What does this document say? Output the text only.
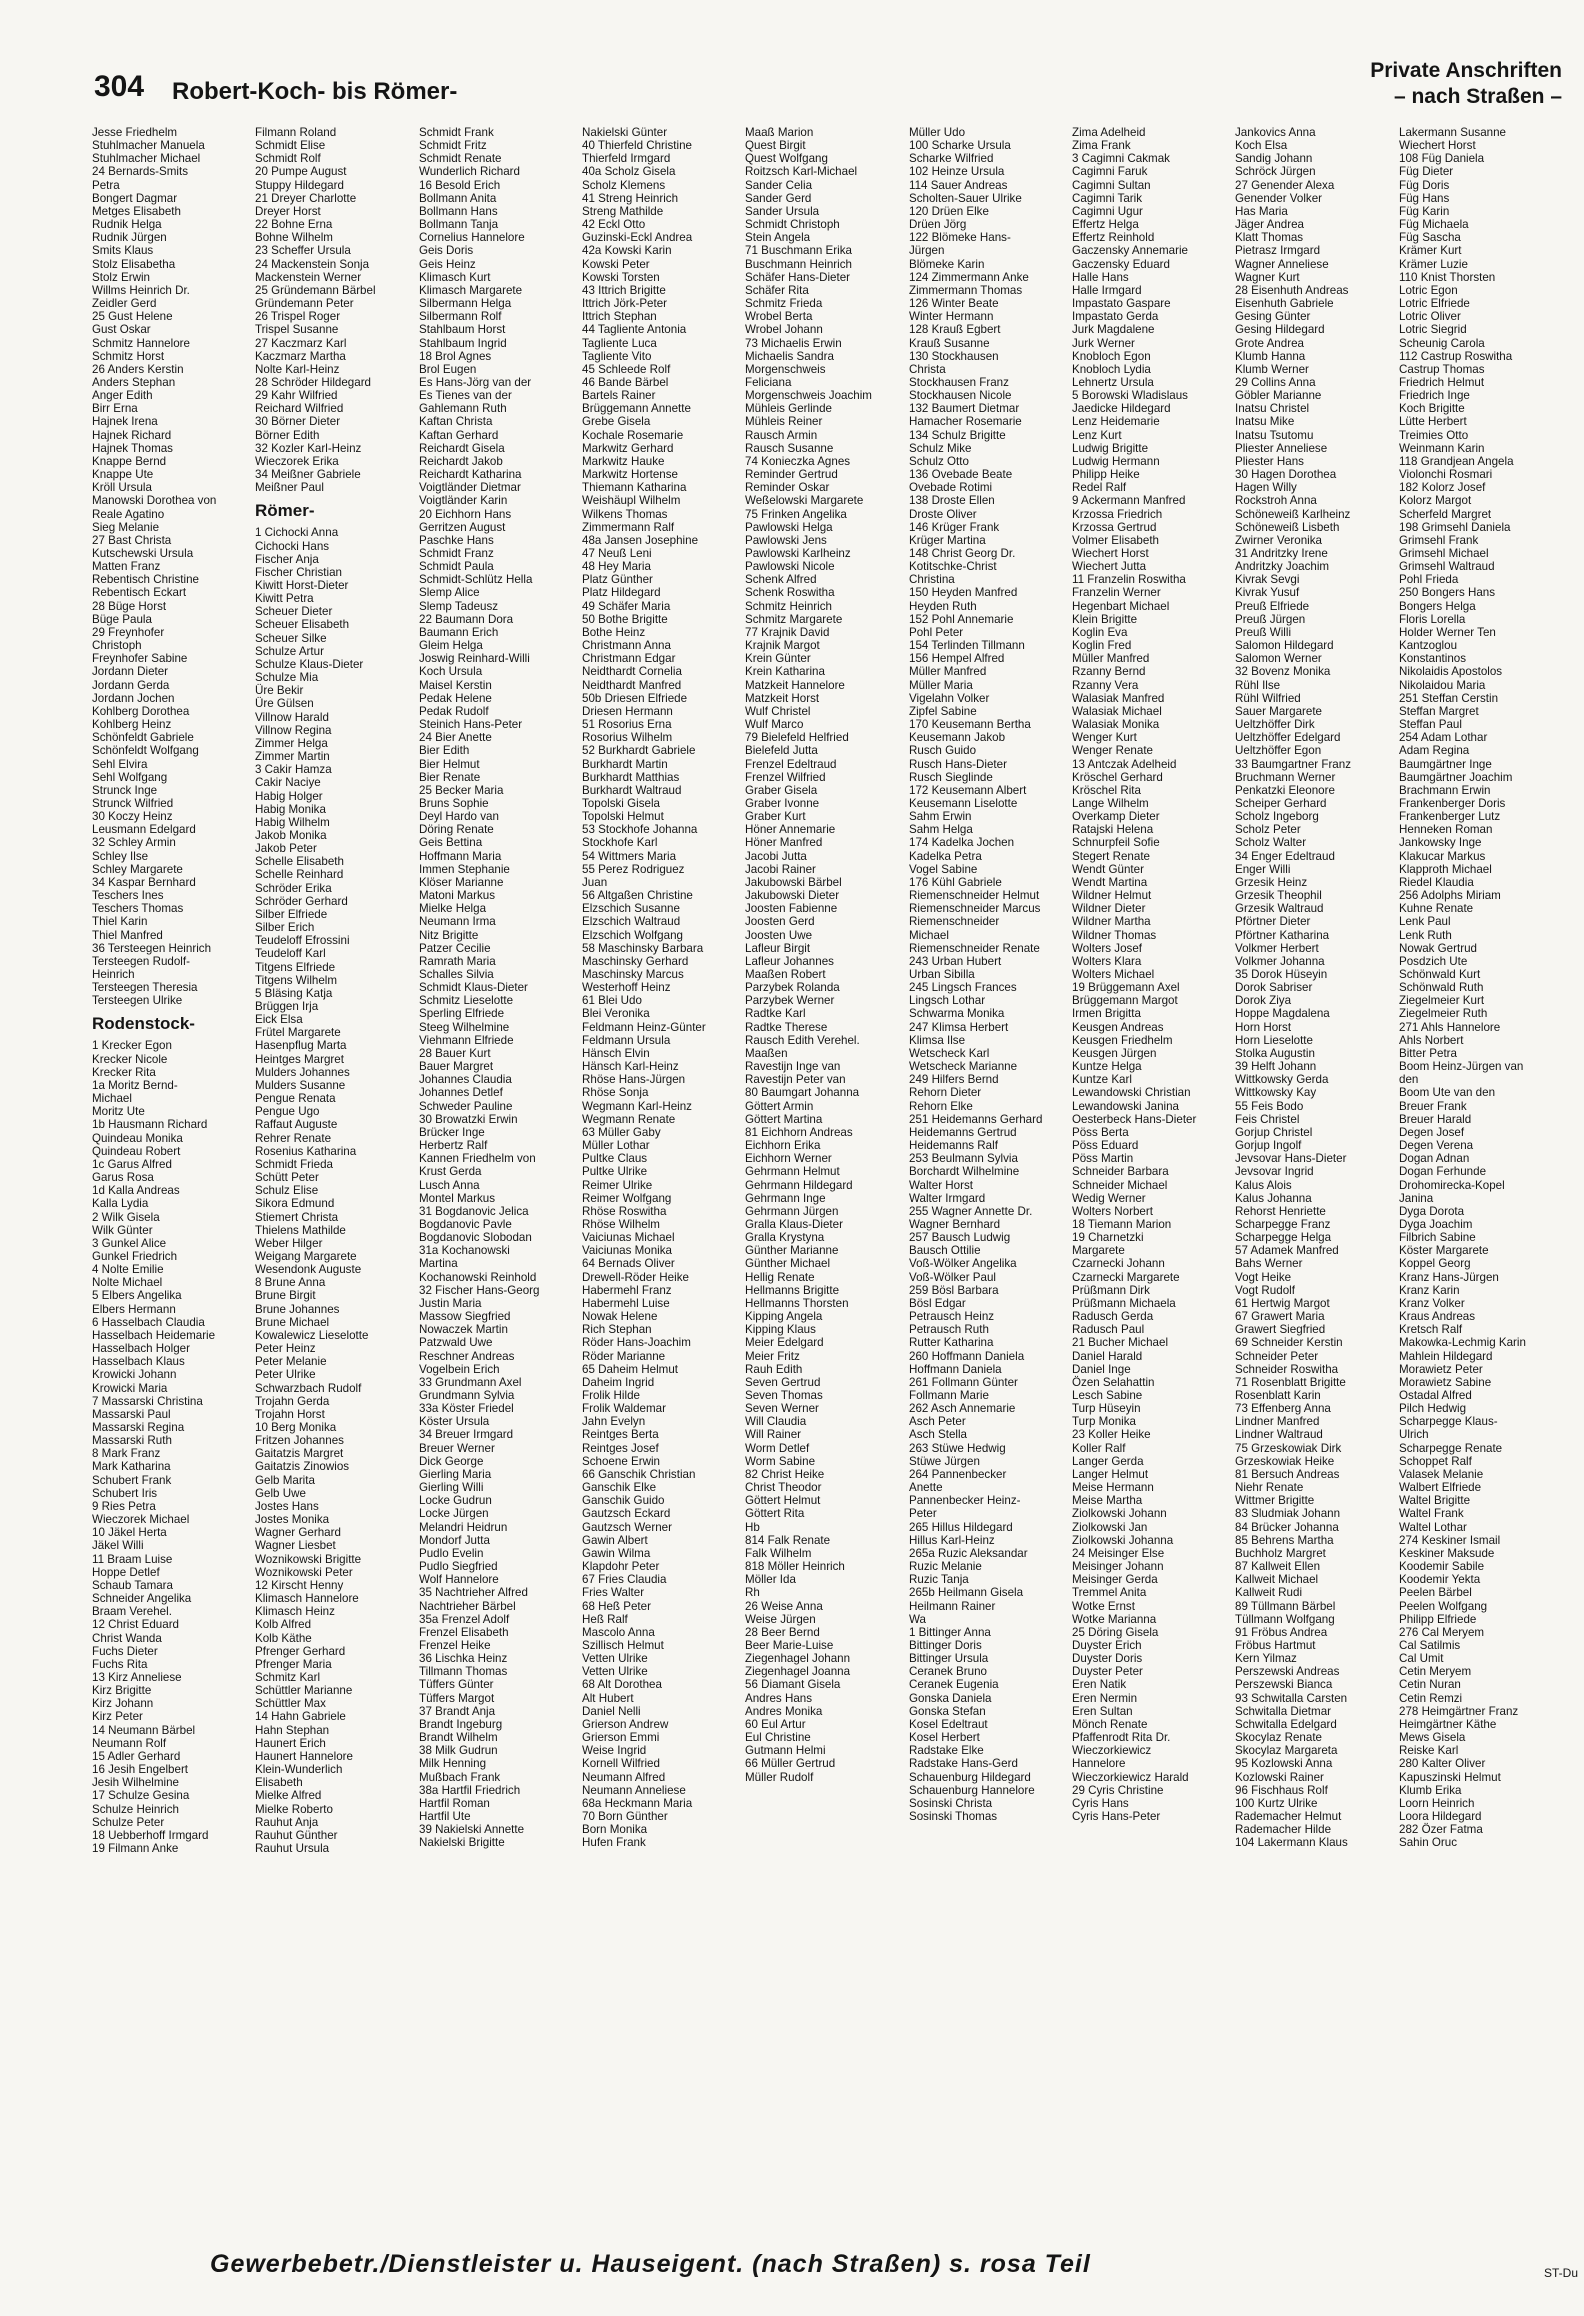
304 Robert-Koch- bis Römer-
Private Anschriften
– nach Straßen –
Jesse Friedhelm
Stuhlmacher Manuela
Stuhlmacher Michael
24 Bernards-Smits
Petra
Bongert Dagmar
Metges Elisabeth
Rudnik Helga
Rudnik Jürgen
Smits Klaus
Stolz Elisabetha
Stolz Erwin
Willms Heinrich Dr.
Zeidler Gerd
25 Gust Helene
Gust Oskar
Schmitz Hannelore
Schmitz Horst
26 Anders Kerstin
Anders Stephan
Anger Edith
Birr Erna
Hajnek Irena
Hajnek Richard
Hajnek Thomas
Knappe Bernd
Knappe Ute
Kröll Ursula
Manowski Dorothea von
Reale Agatino
Sieg Melanie
27 Bast Christa
Kutschewski Ursula
Matten Franz
Rebentisch Christine
Rebentisch Eckart
28 Büge Horst
Büge Paula
29 Freynhofer
Christoph
Freynhofer Sabine
Jordann Dieter
Jordann Gerda
Jordann Jochen
Kohlberg Dorothea
Kohlberg Heinz
Schönfeldt Gabriele
Schönfeldt Wolfgang
Sehl Elvira
Sehl Wolfgang
Strunck Inge
Strunck Wilfried
30 Koczy Heinz
Leusmann Edelgard
32 Schley Armin
Schley Ilse
Schley Margarete
34 Kaspar Bernhard
Teschers Ines
Teschers Thomas
Thiel Karin
Thiel Manfred
36 Tersteegen Heinrich
Tersteegen Rudolf-
Heinrich
Tersteegen Theresia
Tersteegen Ulrike
Rodenstock-
1 Krecker Egon
Krecker Nicole
Krecker Rita
1a Moritz Bernd-
Michael
Moritz Ute
1b Hausmann Richard
Quindeau Monika
Quindeau Robert
1c Garus Alfred
Garus Rosa
1d Kalla Andreas
Kalla Lydia
2 Wilk Gisela
Wilk Günter
3 Gunkel Alice
Gunkel Friedrich
4 Nolte Emilie
Nolte Michael
5 Elbers Angelika
Elbers Hermann
6 Hasselbach Claudia
Hasselbach Heidemarie
Hasselbach Holger
Hasselbach Klaus
Krowicki Johann
Krowicki Maria
7 Massarski Christina
Massarski Paul
Massarski Regina
Massarski Ruth
8 Mark Franz
Mark Katharina
Schubert Frank
Schubert Iris
9 Ries Petra
Wieczorek Michael
10 Jäkel Herta
Jäkel Willi
11 Braam Luise
Hoppe Detlef
Schaub Tamara
Schneider Angelika
Braam Verehel.
12 Christ Eduard
Christ Wanda
Fuchs Dieter
Fuchs Rita
13 Kirz Anneliese
Kirz Brigitte
Kirz Johann
Kirz Peter
14 Neumann Bärbel
Neumann Rolf
15 Adler Gerhard
16 Jesih Engelbert
Jesih Wilhelmine
17 Schulze Gesina
Schulze Heinrich
Schulze Peter
18 Uebberhoff Irmgard
19 Filmann Anke
Filmann Roland
Schmidt Elise
Schmidt Rolf
20 Pumpe August
Stuppy Hildegard
21 Dreyer Charlotte
Dreyer Horst
22 Bohne Erna
Bohne Wilhelm
23 Scheffer Ursula
24 Mackenstein Sonja
Mackenstein Werner
25 Gründemann Bärbel
Gründemann Peter
26 Trispel Roger
Trispel Susanne
27 Kaczmarz Karl
Kaczmarz Martha
Nolte Karl-Heinz
28 Schröder Hildegard
29 Kahr Wilfried
Reichard Wilfried
30 Börner Dieter
Börner Edith
32 Kozler Karl-Heinz
Wieczorek Erika
34 Meißner Gabriele
Meißner Paul
Römer-
1 Cichocki Anna
Cichocki Hans
Fischer Anja
Fischer Christian
Kiwitt Horst-Dieter
Kiwitt Petra
Scheuer Dieter
Scheuer Elisabeth
Scheuer Silke
Schulze Artur
Schulze Klaus-Dieter
Schulze Mia
Üre Bekir
Üre Gülsen
Villnow Harald
Villnow Regina
Zimmer Helga
Zimmer Martin
3 Cakir Hamza
Cakir Naciye
Habig Holger
Habig Monika
Habig Wilhelm
Jakob Monika
Jakob Peter
Schelle Elisabeth
Schelle Reinhard
Schröder Erika
Schröder Gerhard
Silber Elfriede
Silber Erich
Teudeloff Efrossini
Teudeloff Karl
Titgens Elfriede
Titgens Wilhelm
5 Bläsing Katja
Brüggen Irja
Eick Elsa
Frütel Margarete
Hasenpflug Marta
Heintges Margret
Mulders Johannes
Mulders Susanne
Pengue Renata
Pengue Ugo
Raffaut Auguste
Rehrer Renate
Rosenius Katharina
Schmidt Frieda
Schütt Peter
Schulz Elise
Sikora Edmund
Stiemert Christa
Thielens Mathilde
Weber Hilger
Weigang Margarete
Wesendonk Auguste
8 Brune Anna
Brune Birgit
Brune Johannes
Brune Michael
Kowalewicz Lieselotte
Peter Heinz
Peter Melanie
Peter Ulrike
Schwarzbach Rudolf
Trojahn Gerda
Trojahn Horst
10 Berg Monika
Fritzen Johannes
Gaitatzis Margret
Gaitatzis Zinowios
Gelb Marita
Gelb Uwe
Jostes Hans
Jostes Monika
Wagner Gerhard
Wagner Liesbet
Woznikowski Brigitte
Woznikowski Peter
12 Kirscht Henny
Klimasch Hannelore
Klimasch Heinz
Kolb Alfred
Kolb Käthe
Pfrenger Gerhard
Pfrenger Maria
Schmitz Karl
Schüttler Marianne
Schüttler Max
14 Hahn Gabriele
Hahn Stephan
Haunert Erich
Haunert Hannelore
Klein-Wunderlich
Elisabeth
Mielke Alfred
Mielke Roberto
Rauhut Anja
Rauhut Günther
Rauhut Ursula
Schmidt Frank
Schmidt Fritz
Schmidt Renate
Wunderlich Richard
16 Besold Erich
Bollmann Anita
Bollmann Hans
Bollmann Tanja
Cornelius Hannelore
Geis Doris
Geis Heinz
Klimasch Kurt
Klimasch Margarete
Silbermann Helga
Silbermann Rolf
Stahlbaum Horst
Stahlbaum Ingrid
18 Brol Agnes
Brol Eugen
Es Hans-Jörg van der
Es Tienes van der
Gahlemann Ruth
Kaftan Christa
Kaftan Gerhard
Reichardt Gisela
Reichardt Jakob
Reichardt Katharina
Voigtländer Dietmar
Voigtländer Karin
20 Eichhorn Hans
Gerritzen August
Paschke Hans
Schmidt Franz
Schmidt Paula
Schmidt-Schlütz Hella
Slemp Alice
Slemp Tadeusz
22 Baumann Dora
Baumann Erich
Gleim Helga
Joswig Reinhard-Willi
Koch Ursula
Maisel Kerstin
Pedak Helene
Pedak Rudolf
Steinich Hans-Peter
24 Bier Anette
Bier Edith
Bier Helmut
Bier Renate
25 Becker Maria
Bruns Sophie
Deyl Hardo van
Döring Renate
Geis Bettina
Hoffmann Maria
Immen Stephanie
Klöser Marianne
Matoni Markus
Mielke Helga
Neumann Irma
Nitz Brigitte
Patzer Cecilie
Ramrath Maria
Schalles Silvia
Schmidt Klaus-Dieter
Schmitz Lieselotte
Sperling Elfriede
Steeg Wilhelmine
Viehmann Elfriede
28 Bauer Kurt
Bauer Margret
Johannes Claudia
Johannes Detlef
Schweder Pauline
30 Browatzki Erwin
Brücker Inge
Herbertz Ralf
Kannen Friedhelm von
Krust Gerda
Lusch Anna
Montel Markus
31 Bogdanovic Jelica
Bogdanovic Pavle
Bogdanovic Slobodan
31a Kochanowski
Martina
Kochanowski Reinhold
32 Fischer Hans-Georg
Justin Maria
Massow Siegfried
Nowaczek Martin
Patzwald Uwe
Reschner Andreas
Vogelbein Erich
33 Grundmann Axel
Grundmann Sylvia
33a Köster Friedel
Köster Ursula
34 Breuer Irmgard
Breuer Werner
Dick George
Gierling Maria
Gierling Willi
Locke Gudrun
Locke Jürgen
Melandri Heidrun
Mondorf Jutta
Pudlo Evelin
Pudlo Siegfried
Wolf Hannelore
35 Nachtrieher Alfred
Nachtrieher Bärbel
35a Frenzel Adolf
Frenzel Elisabeth
Frenzel Heike
36 Lischka Heinz
Tillmann Thomas
Tüffers Günter
Tüffers Margot
37 Brandt Anja
Brandt Ingeburg
Brandt Wilhelm
38 Milk Gudrun
Milk Henning
Mußbach Frank
38a Hartfil Friedrich
Hartfil Roman
Hartfil Ute
39 Nakielski Annette
Nakielski Brigitte
Nakielski Günter
40 Thierfeld Christine
Thierfeld Irmgard
40a Scholz Gisela
Scholz Klemens
41 Streng Heinrich
Streng Mathilde
42 Eckl Otto
Guzinski-Eckl Andrea
42a Kowski Karin
Kowski Peter
Kowski Torsten
43 Ittrich Brigitte
Ittrich Jörk-Peter
Ittrich Stephan
44 Tagliente Antonia
Tagliente Luca
Tagliente Vito
45 Schleede Rolf
46 Bande Bärbel
Bartels Rainer
Brüggemann Annette
Grebe Gisela
Kochale Rosemarie
Markwitz Gerhard
Markwitz Hauke
Markwitz Hortense
Thiemann Katharina
Weishäupl Wilhelm
Wilkens Thomas
Zimmermann Ralf
48a Jansen Josephine
47 Neuß Leni
48 Hey Maria
Platz Günther
Platz Hildegard
49 Schäfer Maria
50 Bothe Brigitte
Bothe Heinz
Christmann Anna
Christmann Edgar
Neidthardt Cornelia
Neidthardt Manfred
50b Driesen Elfriede
Driesen Hermann
51 Rosorius Erna
Rosorius Wilhelm
52 Burkhardt Gabriele
Burkhardt Martin
Burkhardt Matthias
Burkhardt Waltraud
Topolski Gisela
Topolski Helmut
53 Stockhofe Johanna
Stockhofe Karl
54 Wittmers Maria
55 Perez Rodriguez
Juan
56 Altgaßen Christine
Elzschich Susanne
Elzschich Waltraud
Elzschich Wolfgang
58 Maschinsky Barbara
Maschinsky Gerhard
Maschinsky Marcus
Westerhoff Heinz
61 Blei Udo
Blei Veronika
Feldmann Heinz-Günter
Feldmann Ursula
Hänsch Elvin
Hänsch Karl-Heinz
Rhöse Hans-Jürgen
Rhöse Sonja
Wegmann Karl-Heinz
Wegmann Renate
63 Müller Gaby
Müller Lothar
Pultke Claus
Pultke Ulrike
Reimer Ulrike
Reimer Wolfgang
Rhöse Roswitha
Rhöse Wilhelm
Vaiciunas Michael
Vaiciunas Monika
64 Bernads Oliver
Drewell-Röder Heike
Habermehl Franz
Habermehl Luise
Nowak Helene
Rich Stephan
Röder Hans-Joachim
Röder Marianne
65 Daheim Helmut
Daheim Ingrid
Frolik Hilde
Frolik Waldemar
Jahn Evelyn
Reintges Berta
Reintges Josef
Schoene Erwin
66 Ganschik Christian
Ganschik Elke
Ganschik Guido
Gautzsch Eckard
Gautzsch Werner
Gawin Albert
Gawin Wilma
Klapdohr Peter
67 Fries Claudia
Fries Walter
68 Heß Peter
Heß Ralf
Mascolo Anna
Szillisch Helmut
Vetten Ulrike
Vetten Ulrike
68 Alt Dorothea
Alt Hubert
Daniel Nelli
Grierson Andrew
Grierson Emmi
Weise Ingrid
Kornell Wilfried
Neumann Alfred
Neumann Anneliese
68a Heckmann Maria
70 Born Günther
Born Monika
Hufen Frank
Maaß Marion
Quest Birgit
Quest Wolfgang
Roitzsch Karl-Michael
Sander Celia
Sander Gerd
Sander Ursula
Schmidt Christoph
Stein Angela
71 Buschmann Erika
Buschmann Heinrich
Schäfer Hans-Dieter
Schäfer Rita
Schmitz Frieda
Wrobel Berta
Wrobel Johann
73 Michaelis Erwin
Michaelis Sandra
Morgenschweis
Feliciana
Morgenschweis Joachim
Mühleis Gerlinde
Mühleis Reiner
Rausch Armin
Rausch Susanne
74 Konieczka Agnes
Reminder Gertrud
Reminder Oskar
Weßelowski Margarete
75 Frinken Angelika
Pawlowski Helga
Pawlowski Jens
Pawlowski Karlheinz
Pawlowski Nicole
Schenk Alfred
Schenk Roswitha
Schmitz Heinrich
Schmitz Margarete
77 Krajnik David
Krajnik Margot
Krein Günter
Krein Katharina
Matzkeit Hannelore
Matzkeit Horst
Wulf Christel
Wulf Marco
79 Bielefeld Helfried
Bielefeld Jutta
Frenzel Edeltraud
Frenzel Wilfried
Graber Gisela
Graber Ivonne
Graber Kurt
Höner Annemarie
Höner Manfred
Jacobi Jutta
Jacobi Rainer
Jakubowski Bärbel
Jakubowski Dieter
Joosten Fabienne
Joosten Gerd
Joosten Uwe
Lafleur Birgit
Lafleur Johannes
Maaßen Robert
Parzybek Rolanda
Parzybek Werner
Radtke Karl
Radtke Therese
Rausch Edith Verehel.
Maaßen
Ravestijn Inge van
Ravestijn Peter van
80 Baumgart Johanna
Göttert Armin
Göttert Martina
81 Eichhorn Andreas
Eichhorn Erika
Eichhorn Werner
Gehrmann Helmut
Gehrmann Hildegard
Gehrmann Inge
Gehrmann Jürgen
Gralla Klaus-Dieter
Gralla Krystyna
Günther Marianne
Günther Michael
Hellig Renate
Hellmanns Brigitte
Hellmanns Thorsten
Kipping Angela
Kipping Klaus
Meier Edelgard
Meier Fritz
Rauh Edith
Seven Gertrud
Seven Thomas
Seven Werner
Will Claudia
Will Rainer
Worm Detlef
Worm Sabine
82 Christ Heike
Christ Theodor
Göttert Helmut
Göttert Rita
Hb
814 Falk Renate
Falk Wilhelm
818 Möller Heinrich
Möller Ida
Rh
26 Weise Anna
Weise Jürgen
28 Beer Bernd
Beer Marie-Luise
Ziegenhagel Johann
Ziegenhagel Joanna
56 Diamant Gisela
Andres Hans
Andres Monika
60 Eul Artur
Eul Christine
Gutmann Helmi
66 Müller Gertrud
Müller Rudolf
Müller Udo
100 Scharke Ursula
Scharke Wilfried
102 Heinze Ursula
114 Sauer Andreas
Scholten-Sauer Ulrike
120 Drüen Elke
Drüen Jörg
122 Blömeke Hans-
Jürgen
Blömeke Karin
124 Zimmermann Anke
Zimmermann Thomas
126 Winter Beate
Winter Hermann
128 Krauß Egbert
Krauß Susanne
130 Stockhausen
Christa
Stockhausen Franz
Stockhausen Nicole
132 Baumert Dietmar
Hamacher Rosemarie
134 Schulz Brigitte
Schulz Mike
Schulz Otto
136 Ovebade Beate
Ovebade Rotimi
138 Droste Ellen
Droste Oliver
146 Krüger Frank
Krüger Martina
148 Christ Georg Dr.
Kotitschke-Christ
Christina
150 Heyden Manfred
Heyden Ruth
152 Pohl Annemarie
Pohl Peter
154 Terlinden Tillmann
156 Hempel Alfred
Müller Manfred
Müller Maria
Vigelahn Volker
Zipfel Sabine
170 Keusemann Bertha
Keusemann Jakob
Rusch Guido
Rusch Hans-Dieter
Rusch Sieglinde
172 Keusemann Albert
Keusemann Liselotte
Sahm Erwin
Sahm Helga
174 Kadelka Jochen
Kadelka Petra
Vogel Sabine
176 Kühl Gabriele
Riemenschneider Helmut
Riemenschneider Marcus
Riemenschneider
Michael
Riemenschneider Renate
243 Urban Hubert
Urban Sibilla
245 Lingsch Frances
Lingsch Lothar
Schwarma Monika
247 Klimsa Herbert
Klimsa Ilse
Wetscheck Karl
Wetscheck Marianne
249 Hilfers Bernd
Rehorn Dieter
Rehorn Elke
251 Heidemanns Gerhard
Heidemanns Gertrud
Heidemanns Ralf
253 Beulmann Sylvia
Borchardt Wilhelmine
Walter Horst
Walter Irmgard
255 Wagner Annette Dr.
Wagner Bernhard
257 Bausch Ludwig
Bausch Ottilie
Voß-Wölker Angelika
Voß-Wölker Paul
259 Bösl Barbara
Bösl Edgar
Petrausch Heinz
Petrausch Ruth
Rutter Katharina
260 Hoffmann Daniela
Hoffmann Daniela
261 Follmann Günter
Follmann Marie
262 Asch Annemarie
Asch Peter
Asch Stella
263 Stüwe Hedwig
Stüwe Jürgen
264 Pannenbecker
Anette
Pannenbecker Heinz-
Peter
265 Hillus Hildegard
Hillus Karl-Heinz
265a Ruzic Aleksandar
Ruzic Melanie
Ruzic Tanja
265b Heilmann Gisela
Heilmann Rainer
Wa
1 Bittinger Anna
Bittinger Doris
Bittinger Ursula
Ceranek Bruno
Ceranek Eugenia
Gonska Daniela
Gonska Stefan
Kosel Edeltraut
Kosel Herbert
Radstake Elke
Radstake Hans-Gerd
Schauenburg Hildegard
Schauenburg Hannelore
Sosinski Christa
Sosinski Thomas
Zima Adelheid
Zima Frank
3 Cagimni Cakmak
Cagimni Faruk
Cagimni Sultan
Cagimni Tarik
Cagimni Ugur
Effertz Helga
Effertz Reinhold
Gaczensky Annemarie
Gaczensky Eduard
Halle Hans
Halle Irmgard
Impastato Gaspare
Impastato Gerda
Jurk Magdalene
Jurk Werner
Knobloch Egon
Knobloch Lydia
Lehnertz Ursula
5 Borowski Wladislaus
Jaedicke Hildegard
Lenz Heidemarie
Lenz Kurt
Ludwig Brigitte
Ludwig Hermann
Philipp Heike
Redel Ralf
9 Ackermann Manfred
Krzossa Friedrich
Krzossa Gertrud
Volmer Elisabeth
Wiechert Horst
Wiechert Jutta
11 Franzelin Roswitha
Franzelin Werner
Hegenbart Michael
Klein Brigitte
Koglin Eva
Koglin Fred
Müller Manfred
Rzanny Bernd
Rzanny Vera
Walasiak Manfred
Walasiak Michael
Walasiak Monika
Wenger Kurt
Wenger Renate
13 Antczak Adelheid
Kröschel Gerhard
Kröschel Rita
Lange Wilhelm
Overkamp Dieter
Ratajski Helena
Schnurpfeil Sofie
Stegert Renate
Wendt Günter
Wendt Martina
Wildner Helmut
Wildner Dieter
Wildner Martha
Wildner Thomas
Wolters Josef
Wolters Klara
Wolters Michael
19 Brüggemann Axel
Brüggemann Margot
Irmen Brigitta
Keusgen Andreas
Keusgen Friedhelm
Keusgen Jürgen
Kuntze Helga
Kuntze Karl
Lewandowski Christian
Lewandowski Janina
Oesterbeck Hans-Dieter
Pöss Berta
Pöss Eduard
Pöss Martin
Schneider Barbara
Schneider Michael
Wedig Werner
Wolters Norbert
18 Tiemann Marion
19 Charnetzki
Margarete
Czarnecki Johann
Czarnecki Margarete
Prüßmann Dirk
Prüßmann Michaela
Radusch Gerda
Radusch Paul
21 Bucher Michael
Daniel Harald
Daniel Inge
Özen Selahattin
Lesch Sabine
Turp Hüseyin
Turp Monika
23 Koller Heike
Koller Ralf
Langer Gerda
Langer Helmut
Meise Hermann
Meise Martha
Ziolkowski Johann
Ziolkowski Jan
Ziolkowski Johanna
24 Meisinger Else
Meisinger Johann
Meisinger Gerda
Tremmel Anita
Wotke Ernst
Wotke Marianna
25 Döring Gisela
Duyster Erich
Duyster Doris
Duyster Peter
Eren Natik
Eren Nermin
Eren Sultan
Mönch Renate
Pfaffenrodt Rita Dr.
Wieczorkiewicz
Hannelore
Wieczorkiewicz Harald
29 Cyris Christine
Cyris Hans
Cyris Hans-Peter
Jankovics Anna
Koch Elsa
Sandig Johann
Schröck Jürgen
27 Genender Alexa
Genender Volker
Has Maria
Jäger Andrea
Klatt Thomas
Pietrasz Irmgard
Wagner Anneliese
Wagner Kurt
28 Eisenhuth Andreas
Eisenhuth Gabriele
Gesing Günter
Gesing Hildegard
Grote Andrea
Klumb Hanna
Klumb Werner
29 Collins Anna
Göbler Marianne
Inatsu Christel
Inatsu Mike
Inatsu Tsutomu
Pliester Anneliese
Pliester Hans
30 Hagen Dorothea
Hagen Willy
Rockstroh Anna
Schöneweiß Karlheinz
Schöneweiß Lisbeth
Zwirner Veronika
31 Andritzky Irene
Andritzky Joachim
Kivrak Sevgi
Kivrak Yusuf
Preuß Elfriede
Preuß Jürgen
Preuß Willi
Salomon Hildegard
Salomon Werner
32 Bovenz Monika
Rühl Ilse
Rühl Wilfried
Sauer Margarete
Ueltzhöffer Dirk
Ueltzhöffer Edelgard
Ueltzhöffer Egon
33 Baumgartner Franz
Bruchmann Werner
Penkatzki Eleonore
Scheiper Gerhard
Scholz Ingeborg
Scholz Peter
Scholz Walter
34 Enger Edeltraud
Enger Willi
Grzesik Heinz
Grzesik Theophil
Grzesik Waltraud
Pförtner Dieter
Pförtner Katharina
Volkmer Herbert
Volkmer Johanna
35 Dorok Hüseyin
Dorok Sabriser
Dorok Ziya
Hoppe Magdalena
Horn Horst
Horn Lieselotte
Stolka Augustin
39 Helft Johann
Wittkowsky Gerda
Wittkowsky Kay
55 Feis Bodo
Feis Christel
Gorjup Christel
Gorjup Ingolf
Jevsovar Hans-Dieter
Jevsovar Ingrid
Kalus Alois
Kalus Johanna
Rehorst Henriette
Scharpegge Franz
Scharpegge Helga
57 Adamek Manfred
Bahs Werner
Vogt Heike
Vogt Rudolf
61 Hertwig Margot
67 Grawert Maria
Grawert Siegfried
69 Schneider Kerstin
Schneider Peter
Schneider Roswitha
71 Rosenblatt Brigitte
Rosenblatt Karin
73 Effenberg Anna
Lindner Manfred
Lindner Waltraud
75 Grzeskowiak Dirk
Grzeskowiak Heike
81 Bersuch Andreas
Niehr Renate
Wittmer Brigitte
83 Sludmiak Johann
84 Brücker Johanna
85 Behrens Martha
Buchholz Margret
87 Kallweit Ellen
Kallweit Michael
Kallweit Rudi
89 Tüllmann Bärbel
Tüllmann Wolfgang
91 Fröbus Andrea
Fröbus Hartmut
Kern Yilmaz
Perszewski Andreas
Perszewski Bianca
93 Schwitalla Carsten
Schwitalla Dietmar
Schwitalla Edelgard
Skocylaz Renate
Skocylaz Margareta
95 Kozlowski Anna
Kozlowski Rainer
96 Fischhaus Rolf
100 Kurtz Ulrike
Rademacher Helmut
Rademacher Hilde
104 Lakermann Klaus
Lakermann Susanne
Wiechert Horst
108 Füg Daniela
Füg Dieter
Füg Doris
Füg Hans
Füg Karin
Füg Michaela
Füg Sascha
Krämer Kurt
Krämer Luzie
110 Knist Thorsten
Lotric Egon
Lotric Elfriede
Lotric Oliver
Lotric Siegrid
Scheunig Carola
112 Castrup Roswitha
Castrup Thomas
Friedrich Helmut
Friedrich Inge
Koch Brigitte
Lütte Herbert
Treimies Otto
Weinmann Karin
118 Grandjean Angela
Violonchi Rosmari
182 Kolorz Josef
Kolorz Margot
Scherfeld Margret
198 Grimsehl Daniela
Grimsehl Frank
Grimsehl Michael
Grimsehl Waltraud
Pohl Frieda
250 Bongers Hans
Bongers Helga
Floris Lorella
Holder Werner Ten
Kantzoglou
Konstantinos
Nikolaidis Apostolos
Nikolaidou Maria
251 Steffan Cerstin
Steffan Margret
Steffan Paul
254 Adam Lothar
Adam Regina
Baumgärtner Inge
Baumgärtner Joachim
Brachmann Erwin
Frankenberger Doris
Frankenberger Lutz
Henneken Roman
Jankowsky Inge
Klakucar Markus
Klapproth Michael
Riedel Klaudia
256 Adolphs Miriam
Kuhne Renate
Lenk Paul
Lenk Ruth
Nowak Gertrud
Posdzich Ute
Schönwald Kurt
Schönwald Ruth
Ziegelmeier Kurt
Ziegelmeier Ruth
271 Ahls Hannelore
Ahls Norbert
Bitter Petra
Boom Heinz-Jürgen van
den
Boom Ute van den
Breuer Frank
Breuer Harald
Degen Josef
Degen Verena
Dogan Adnan
Dogan Ferhunde
Drohomirecka-Kopel
Janina
Dyga Dorota
Dyga Joachim
Filbrich Sabine
Köster Margarete
Koppel Georg
Kranz Hans-Jürgen
Kranz Karin
Kranz Volker
Kraus Andreas
Kretsch Ralf
Makowka-Lechmig Karin
Mahlein Hildegard
Morawietz Peter
Morawietz Sabine
Ostadal Alfred
Pilch Hedwig
Scharpegge Klaus-
Ulrich
Scharpegge Renate
Schoppet Ralf
Valasek Melanie
Walbert Elfriede
Waltel Brigitte
Waltel Frank
Waltel Lothar
274 Keskiner Ismail
Keskiner Maksude
Koodemir Sabile
Koodemir Yekta
Peelen Bärbel
Peelen Wolfgang
Philipp Elfriede
276 Cal Meryem
Cal Satilmis
Cal Umit
Cetin Meryem
Cetin Nuran
Cetin Remzi
278 Heimgärtner Franz
Heimgärtner Käthe
Mews Gisela
Reiske Karl
280 Kalter Oliver
Kapuszinski Helmut
Klumb Erika
Loorn Heinrich
Loora Hildegard
282 Özer Fatma
Sahin Oruc
Gewerbebetr./Dienstleister u. Hauseigent. (nach Straßen) s. rosa Teil	ST-Du
